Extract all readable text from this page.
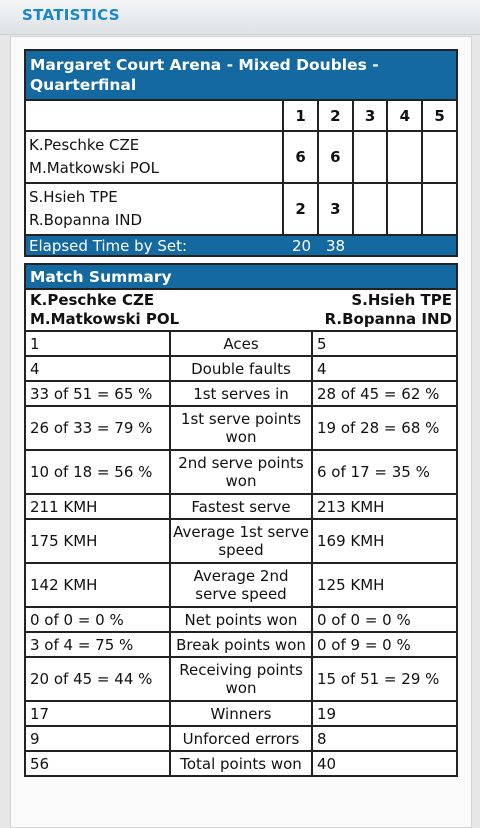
STATISTICS
Margaret Court Arena - Mixed Doubles - Quarterfinal					
	1	2	3	4	5

K.Peschke CZE
M.Matkowski POL	6	6			

S.Hsieh TPE
R.Bopanna IND	2	3			
Elapsed Time by Set: 20 38					
Match Summary		

K.Peschke CZE S.Hsieh TPE
M.Matkowski POL R.Bopanna IND		

1	Aces	5
4	Double faults	4
33 of 51 = 65 %	1st serves in	28 of 45 = 62 %
26 of 33 = 79 %	1st serve points won	19 of 28 = 68 %
10 of 18 = 56 %	2nd serve points won	6 of 17 = 35 %
211 KMH	Fastest serve	213 KMH
175 KMH	Average 1st serve speed	169 KMH
142 KMH	Average 2nd serve speed	125 KMH
0 of 0 = 0 %	Net points won	0 of 0 = 0 %
3 of 4 = 75 %	Break points won	0 of 9 = 0 %
20 of 45 = 44 %	Receiving points won	15 of 51 = 29 %
17	Winners	19
9	Unforced errors	8
56	Total points won	40
